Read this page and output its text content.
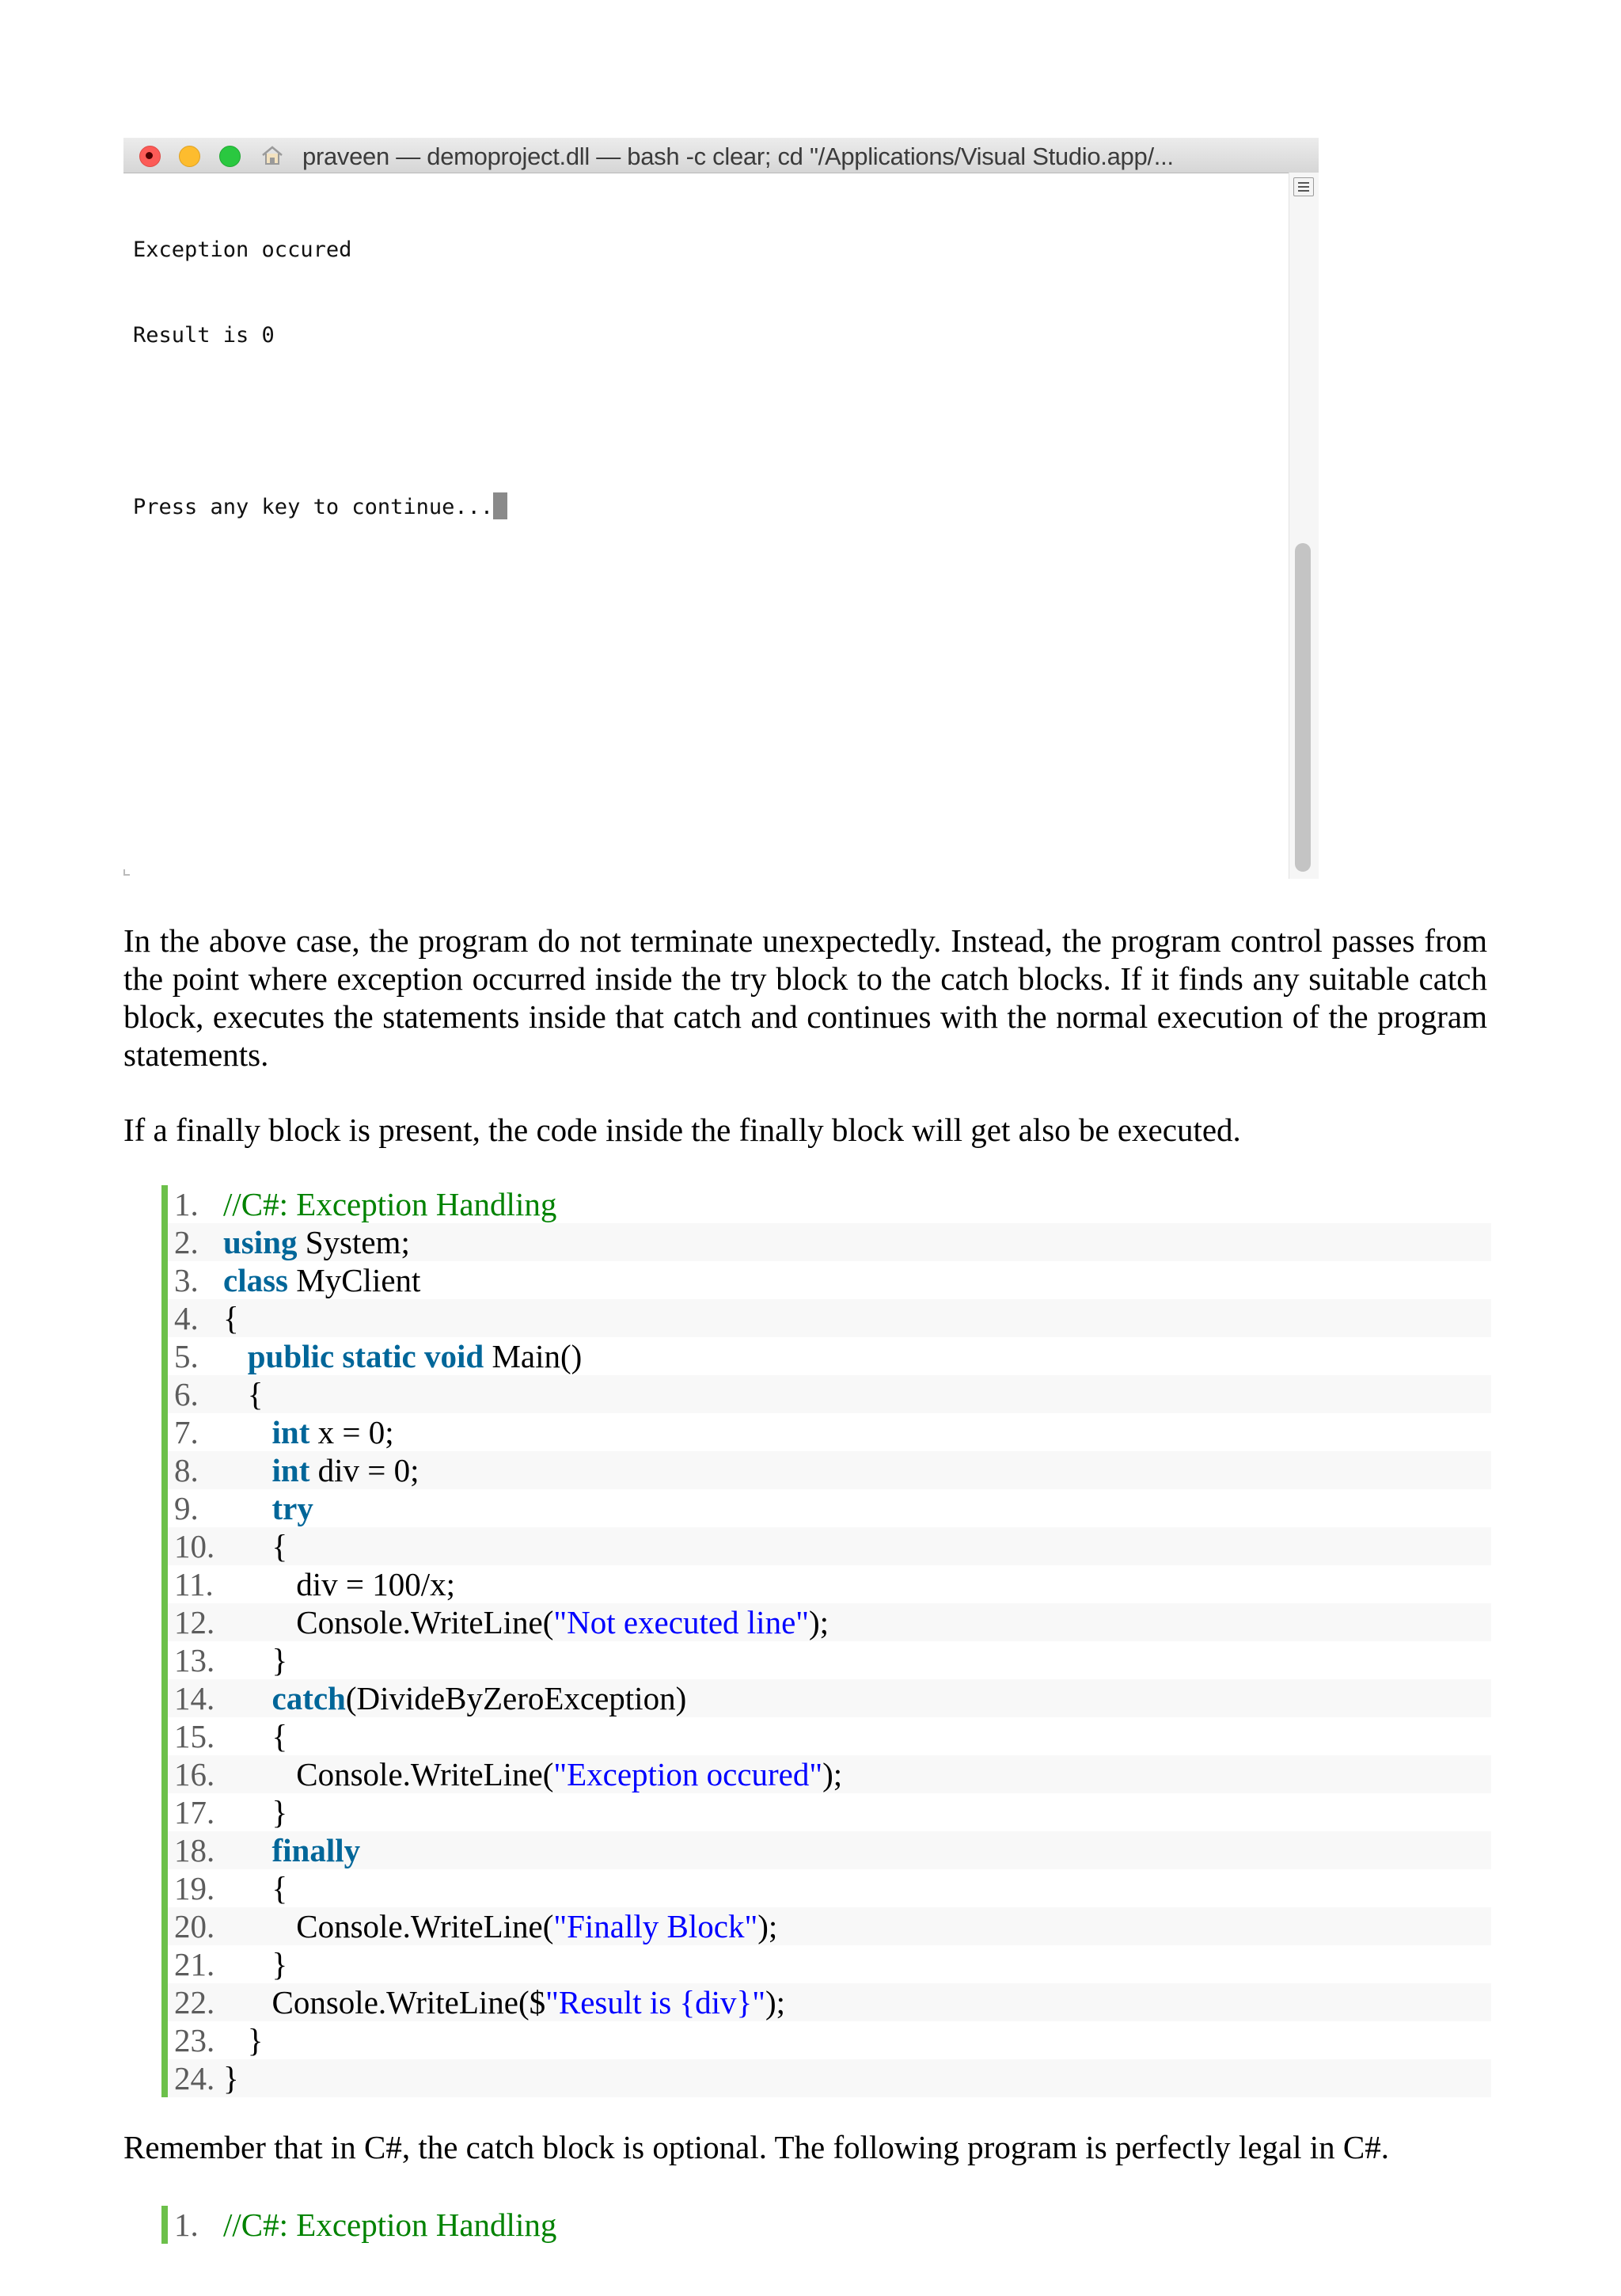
praveen — demoproject.dll — bash -c clear; cd "/Applications/Visual Studio.app/...

Exception occured

Result is 0

Press any key to continue...

In the above case, the program do not terminate unexpectedly. Instead, the program control passes from the point where exception occurred inside the try block to the catch blocks. If it finds any suitable catch block, executes the statements inside that catch and continues with the normal execution of the program statements.
If a finally block is present, the code inside the finally block will get also be executed.
1. //C#: Exception Handling
2. using System;
3. class MyClient
4. {
5.	public static void Main()
6.	{
7.	int x = 0;
8.	int div = 0;
9.	try
10.	{
11.	div = 100/x;
12.	Console.WriteLine("Not executed line");
13.	}
14.	catch(DivideByZeroException)
15.	{
16.	Console.WriteLine("Exception occured");
17.	}
18.	finally
19.	{
20.	Console.WriteLine("Finally Block");
21.	}
22.	Console.WriteLine($"Result is {div}");
23.	}
24. }
Remember that in C#, the catch block is optional. The following program is perfectly legal in C#.
1. //C#: Exception Handling
